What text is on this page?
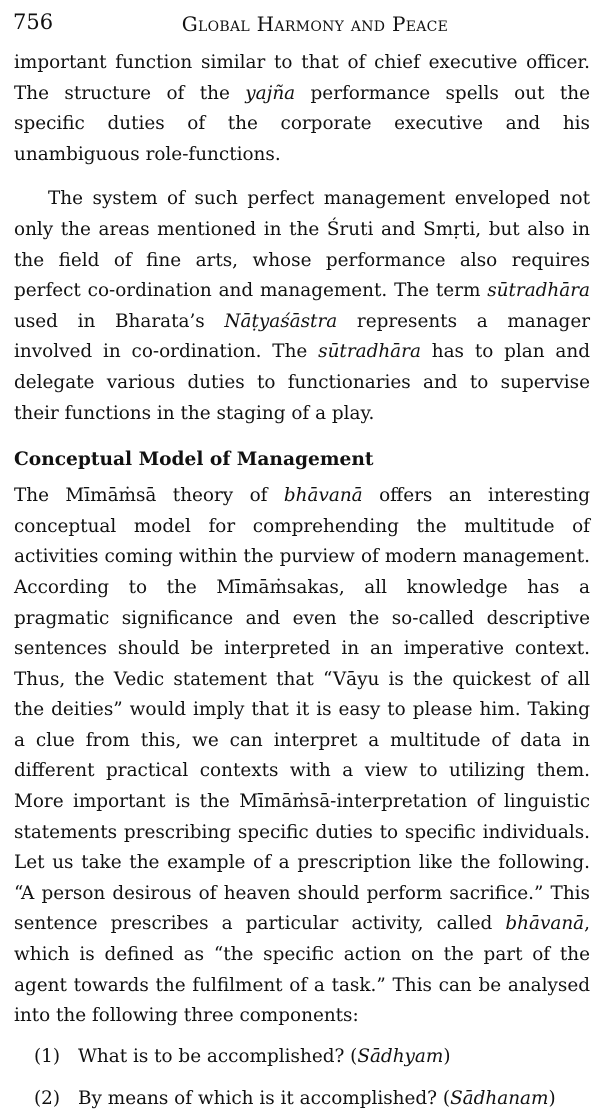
756	Global Harmony and Peace

important function similar to that of chief executive officer. The structure of the yajña performance spells out the specific duties of the corporate executive and his unambiguous role-functions.

The system of such perfect management enveloped not only the areas mentioned in the Śruti and Smṛti, but also in the field of fine arts, whose performance also requires perfect co-ordination and management. The term sūtradhāra used in Bharata’s Nāṭyaśāstra represents a manager involved in co-ordination. The sūtradhāra has to plan and delegate various duties to functionaries and to supervise their functions in the staging of a play.

Conceptual Model of Management

The Mīmāṁsā theory of bhāvanā offers an interesting conceptual model for comprehending the multitude of activities coming within the purview of modern management. According to the Mīmāṁsakas, all knowledge has a pragmatic significance and even the so-called descriptive sentences should be interpreted in an imperative context. Thus, the Vedic statement that “Vāyu is the quickest of all the deities” would imply that it is easy to please him. Taking a clue from this, we can interpret a multitude of data in different practical contexts with a view to utilizing them. More important is the Mīmāṁsā-interpretation of linguistic statements prescribing specific duties to specific individuals. Let us take the example of a prescription like the following. “A person desirous of heaven should perform sacrifice.” This sentence prescribes a particular activity, called bhāvanā, which is defined as “the specific action on the part of the agent towards the fulfilment of a task.” This can be analysed into the following three components:

(1) What is to be accomplished? (Sādhyam)
(2) By means of which is it accomplished? (Sādhanam)
